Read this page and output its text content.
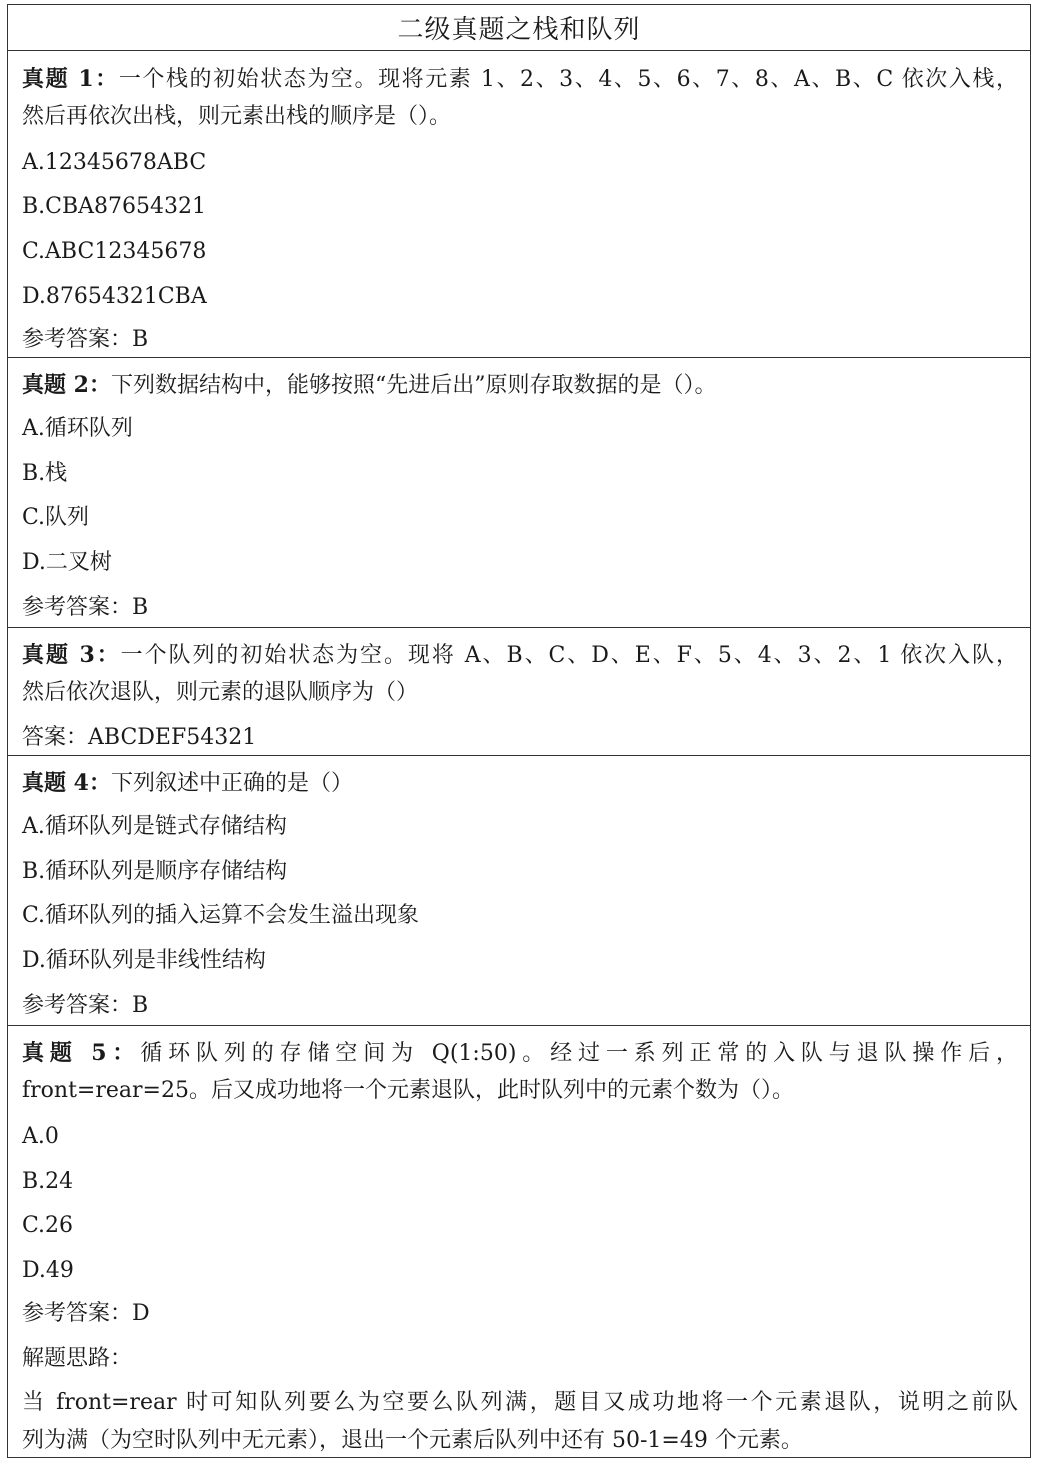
二级真题之栈和队列
真题 1：一个栈的初始状态为空。现将元素 1、2、3、4、5、6、7、8、A、B、C 依次入栈，
然后再依次出栈，则元素出栈的顺序是（）。
A.12345678ABC
B.CBA87654321
C.ABC12345678
D.87654321CBA
参考答案：B
真题 2：下列数据结构中，能够按照“先进后出”原则存取数据的是（）。
A.循环队列
B.栈
C.队列
D.二叉树
参考答案：B
真题 3：一个队列的初始状态为空。现将 A、B、C、D、E、F、5、4、3、2、1 依次入队，
然后依次退队，则元素的退队顺序为（）
答案：ABCDEF54321
真题 4：下列叙述中正确的是（）
A.循环队列是链式存储结构
B.循环队列是顺序存储结构
C.循环队列的插入运算不会发生溢出现象
D.循环队列是非线性结构
参考答案：B
真题 5：循环队列的存储空间为 Q(1:50)。经过一系列正常的入队与退队操作后，
front=rear=25。后又成功地将一个元素退队，此时队列中的元素个数为（）。
A.0
B.24
C.26
D.49
参考答案：D
解题思路：
当 front=rear 时可知队列要么为空要么队列满，题目又成功地将一个元素退队，说明之前队
列为满（为空时队列中无元素），退出一个元素后队列中还有 50-1=49 个元素。
